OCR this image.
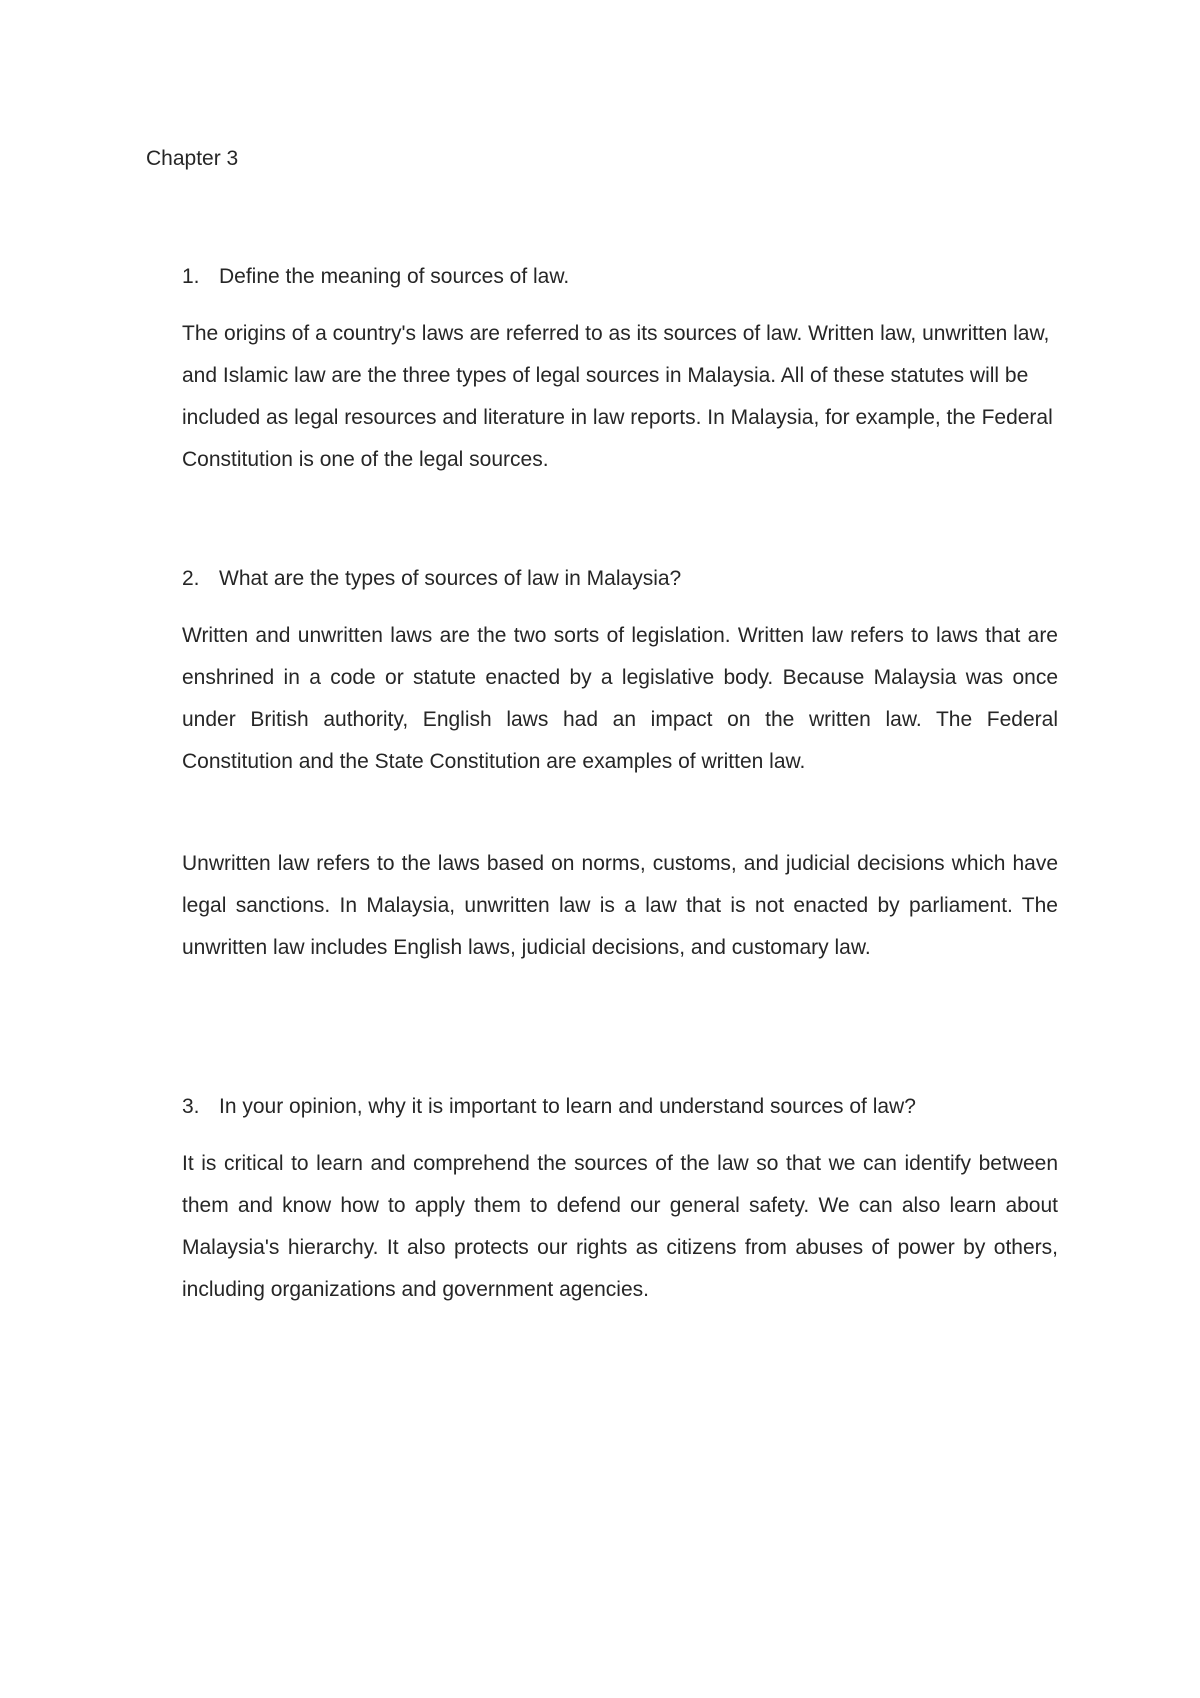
Chapter 3
1. Define the meaning of sources of law.

The origins of a country's laws are referred to as its sources of law. Written law, unwritten law, and Islamic law are the three types of legal sources in Malaysia. All of these statutes will be included as legal resources and literature in law reports. In Malaysia, for example, the Federal Constitution is one of the legal sources.

2. What are the types of sources of law in Malaysia?

Written and unwritten laws are the two sorts of legislation. Written law refers to laws that are enshrined in a code or statute enacted by a legislative body. Because Malaysia was once under British authority, English laws had an impact on the written law. The Federal Constitution and the State Constitution are examples of written law.

Unwritten law refers to the laws based on norms, customs, and judicial decisions which have legal sanctions. In Malaysia, unwritten law is a law that is not enacted by parliament. The unwritten law includes English laws, judicial decisions, and customary law.

3. In your opinion, why it is important to learn and understand sources of law?

It is critical to learn and comprehend the sources of the law so that we can identify between them and know how to apply them to defend our general safety. We can also learn about Malaysia's hierarchy. It also protects our rights as citizens from abuses of power by others, including organizations and government agencies.
